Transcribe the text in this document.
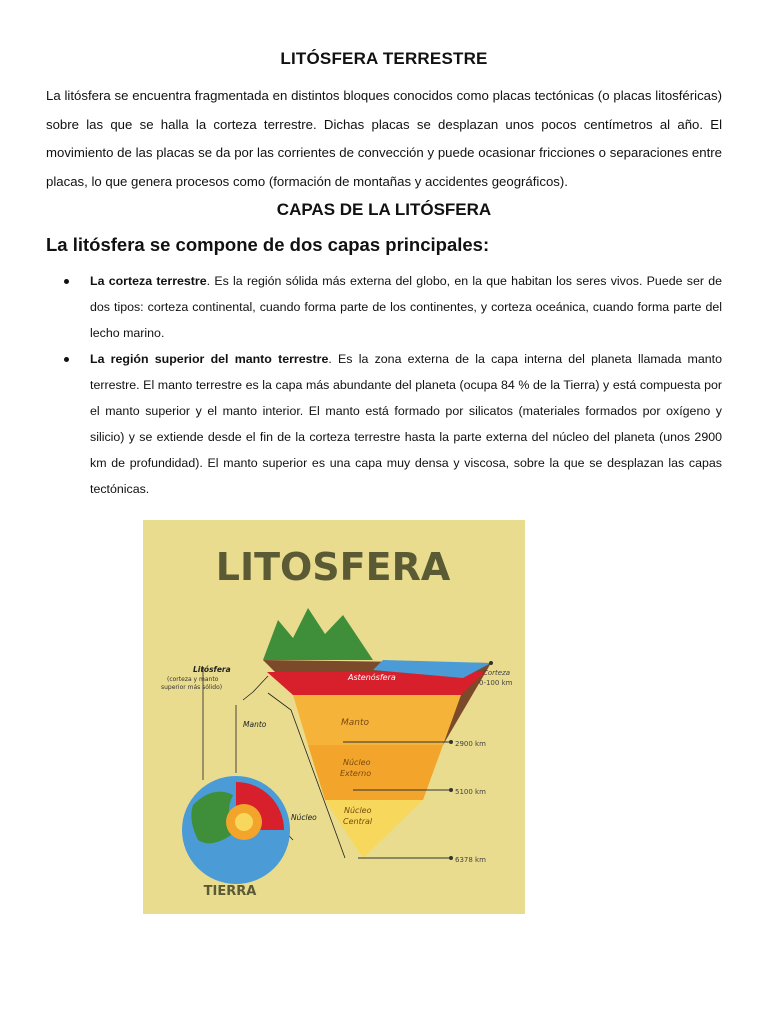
LITÓSFERA TERRESTRE
La litósfera se encuentra fragmentada en distintos bloques conocidos como placas tectónicas (o placas litosféricas) sobre las que se halla la corteza terrestre. Dichas placas se desplazan unos pocos centímetros al año. El movimiento de las placas se da por las corrientes de convección y puede ocasionar fricciones o separaciones entre placas, lo que genera procesos como (formación de montañas y accidentes geográficos).
CAPAS DE LA LITÓSFERA
La litósfera se compone de dos capas principales:
La corteza terrestre. Es la región sólida más externa del globo, en la que habitan los seres vivos. Puede ser de dos tipos: corteza continental, cuando forma parte de los continentes, y corteza oceánica, cuando forma parte del lecho marino.
La región superior del manto terrestre. Es la zona externa de la capa interna del planeta llamada manto terrestre. El manto terrestre es la capa más abundante del planeta (ocupa 84 % de la Tierra) y está compuesta por el manto superior y el manto interior. El manto está formado por silicatos (materiales formados por oxígeno y silicio) y se extiende desde el fin de la corteza terrestre hasta la parte externa del núcleo del planeta (unos 2900 km de profundidad). El manto superior es una capa muy densa y viscosa, sobre la que se desplazan las capas tectónicas.
LITOSFERA
Astenósfera
Manto
Núcleo
Externo
Núcleo
Central
2900 km
5100 km
6378 km
Corteza
0-100 km
Litósfera
(corteza y manto
superior más sólido)
Manto
Núcleo
TIERRA
